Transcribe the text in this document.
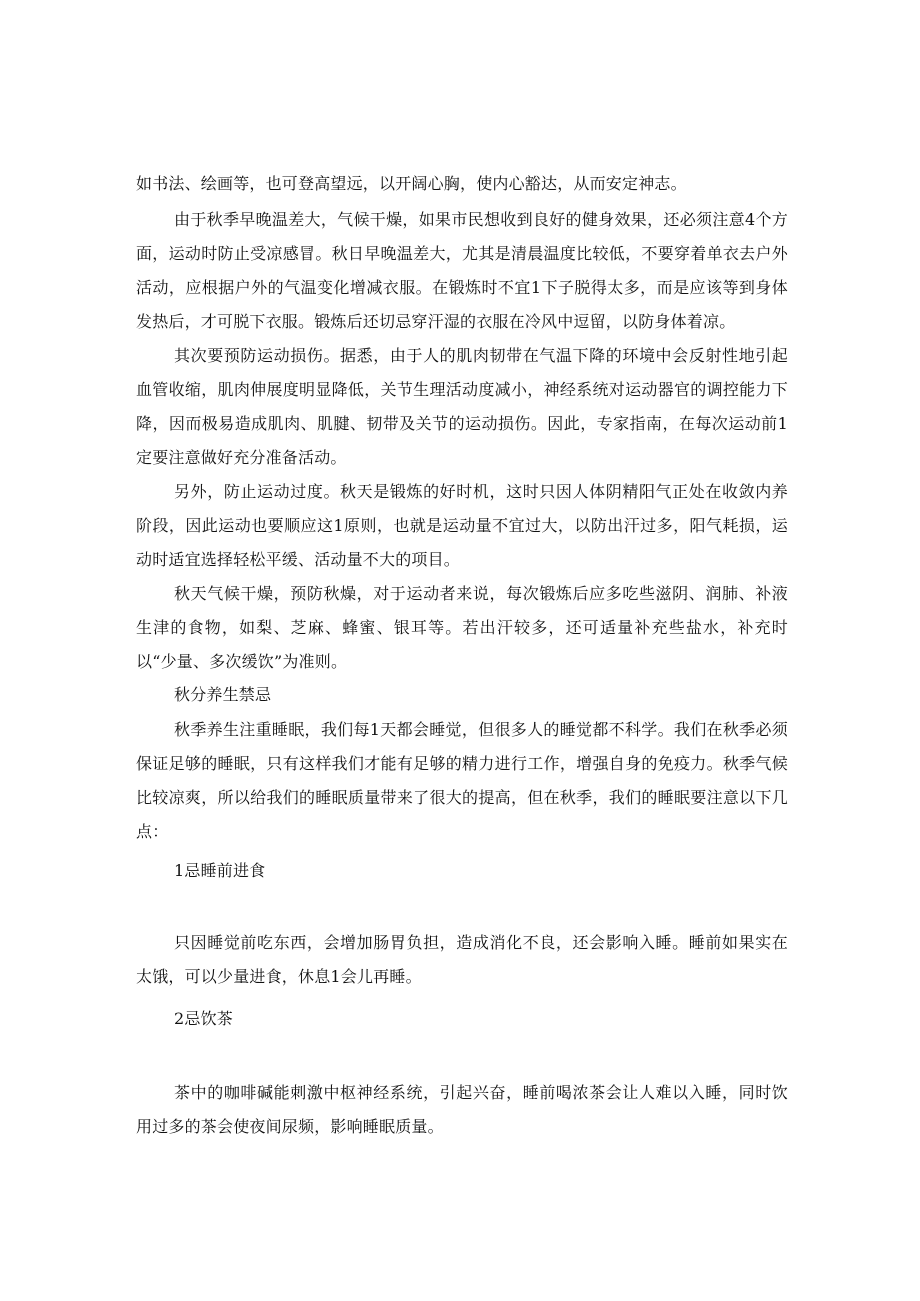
如书法、绘画等，也可登高望远，以开阔心胸，使内心豁达，从而安定神志。

由于秋季早晚温差大，气候干燥，如果市民想收到良好的健身效果，还必须注意4个方面，运动时防止受凉感冒。秋日早晚温差大，尤其是清晨温度比较低，不要穿着单衣去户外活动，应根据户外的气温变化增减衣服。在锻炼时不宜1下子脱得太多，而是应该等到身体发热后，才可脱下衣服。锻炼后还切忌穿汗湿的衣服在冷风中逗留，以防身体着凉。

其次要预防运动损伤。据悉，由于人的肌肉韧带在气温下降的环境中会反射性地引起血管收缩，肌肉伸展度明显降低，关节生理活动度减小，神经系统对运动器官的调控能力下降，因而极易造成肌肉、肌腱、韧带及关节的运动损伤。因此，专家指南，在每次运动前1定要注意做好充分准备活动。

另外，防止运动过度。秋天是锻炼的好时机，这时只因人体阴精阳气正处在收敛内养阶段，因此运动也要顺应这1原则，也就是运动量不宜过大，以防出汗过多，阳气耗损，运动时适宜选择轻松平缓、活动量不大的项目。

秋天气候干燥，预防秋燥，对于运动者来说，每次锻炼后应多吃些滋阴、润肺、补液生津的食物，如梨、芝麻、蜂蜜、银耳等。若出汗较多，还可适量补充些盐水，补充时以“少量、多次缓饮”为准则。

秋分养生禁忌

秋季养生注重睡眠，我们每1天都会睡觉，但很多人的睡觉都不科学。我们在秋季必须保证足够的睡眠，只有这样我们才能有足够的精力进行工作，增强自身的免疫力。秋季气候比较凉爽，所以给我们的睡眠质量带来了很大的提高，但在秋季，我们的睡眠要注意以下几点：

1忌睡前进食

只因睡觉前吃东西，会增加肠胃负担，造成消化不良，还会影响入睡。睡前如果实在太饿，可以少量进食，休息1会儿再睡。

2忌饮茶

茶中的咖啡碱能刺激中枢神经系统，引起兴奋，睡前喝浓茶会让人难以入睡，同时饮用过多的茶会使夜间尿频，影响睡眠质量。
